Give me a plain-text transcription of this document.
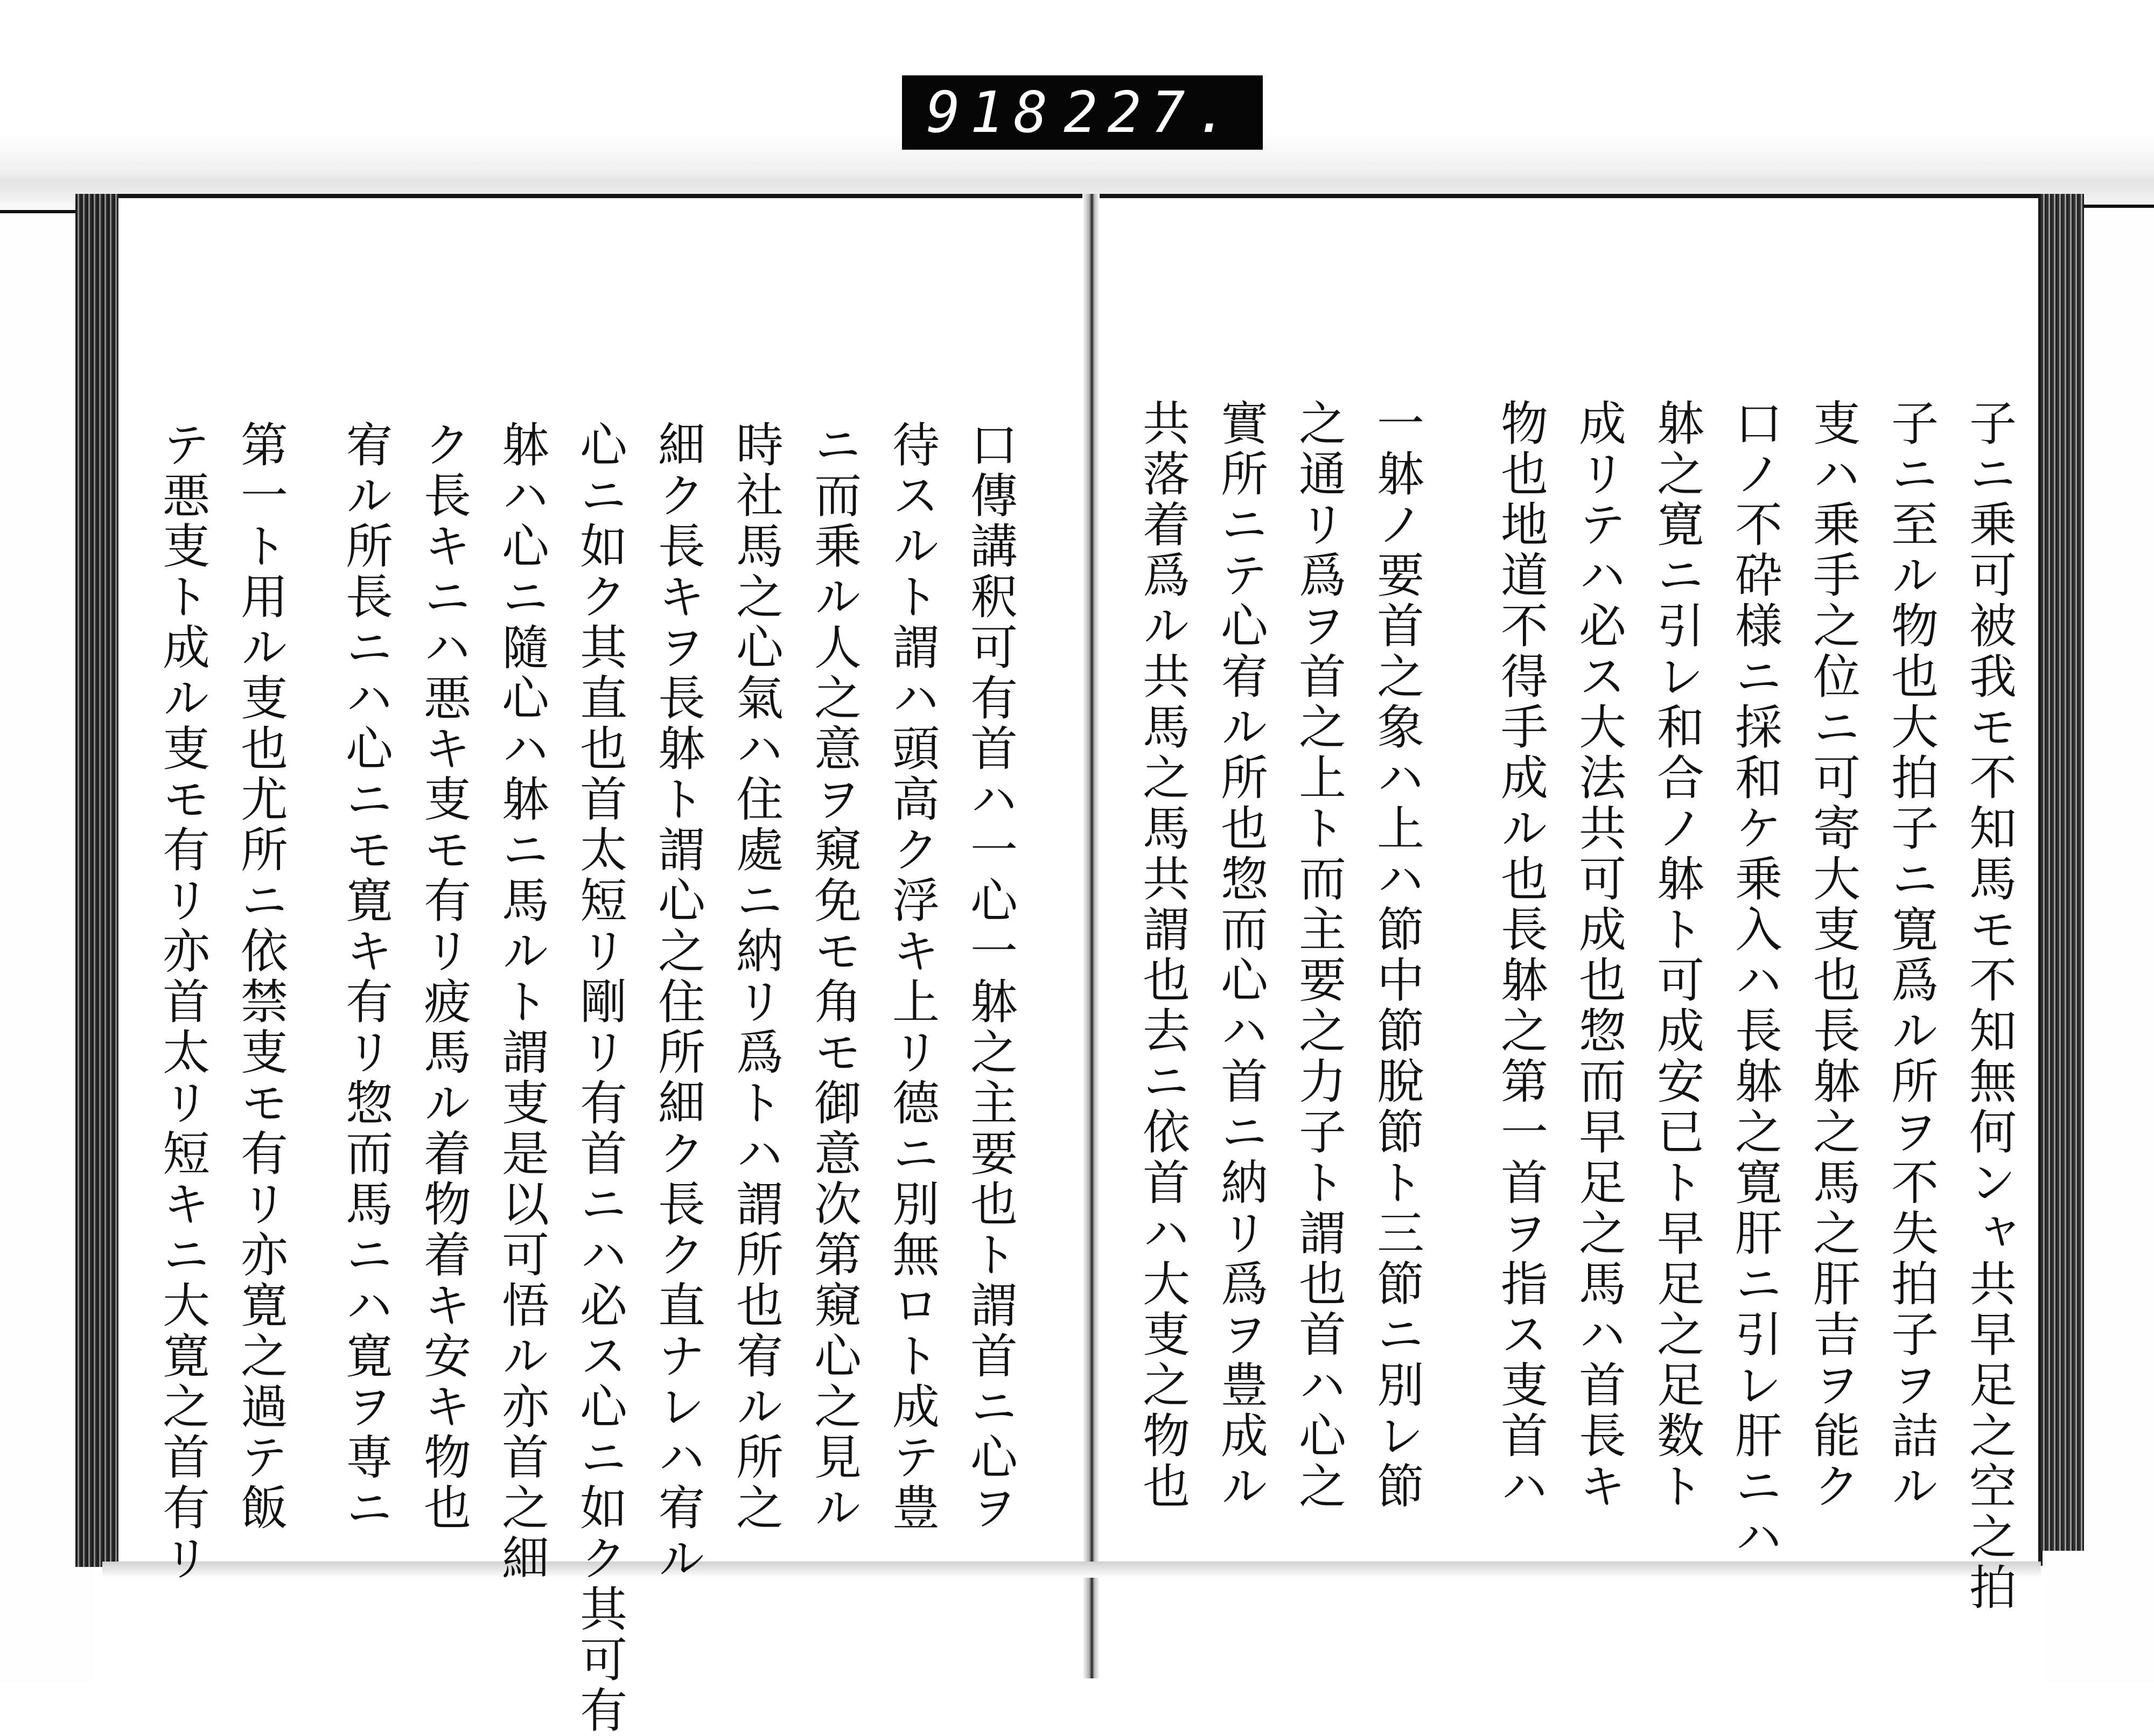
918 227.
子ニ乗可被我モ不知馬モ不知無何ンャ共早足之空之拍
子ニ至ル物也大拍子ニ寛爲ル所ヲ不失拍子ヲ詰ル
叓ハ乗手之位ニ可寄大叓也長躰之馬之肝吉ヲ能ク
口ノ不砕様ニ採和ケ乗入ハ長躰之寛肝ニ引レ肝ニハ
躰之寛ニ引レ和合ノ躰ト可成安已ト早足之足数ト
成リテハ必ス大法共可成也惣而早足之馬ハ首長キ
物也地道不得手成ル也長躰之第一首ヲ指ス叓首ハ
一躰ノ要首之象ハ上ハ節中節脫節ト三節ニ別レ節
之通リ爲ヲ首之上ト而主要之力子ト謂也首ハ心之
實所ニテ心宥ル所也惣而心ハ首ニ納リ爲ヲ豊成ル
共落着爲ル共馬之馬共謂也去ニ依首ハ大叓之物也
口傳講釈可有首ハ一心一躰之主要也ト謂首ニ心ヲ
待スルト謂ハ頭高ク浮キ上リ德ニ別無ロト成テ豊
ニ而乗ル人之意ヲ窺免モ角モ御意次第窺心之見ル
時社馬之心氣ハ住處ニ納リ爲トハ謂所也宥ル所之
細ク長キヲ長躰ト謂心之住所細ク長ク直ナレハ宥ル
心ニ如ク其直也首太短リ剛リ有首ニハ必ス心ニ如ク其可有
躰ハ心ニ隨心ハ躰ニ馬ルト謂叓是以可悟ル亦首之細
ク長キニハ悪キ叓モ有リ疲馬ル着物着キ安キ物也
宥ル所長ニハ心ニモ寛キ有リ惣而馬ニハ寛ヲ専ニ
第一ト用ル叓也尤所ニ依禁叓モ有リ亦寛之過テ飯
テ悪叓ト成ル叓モ有リ亦首太リ短キニ大寛之首有リ
